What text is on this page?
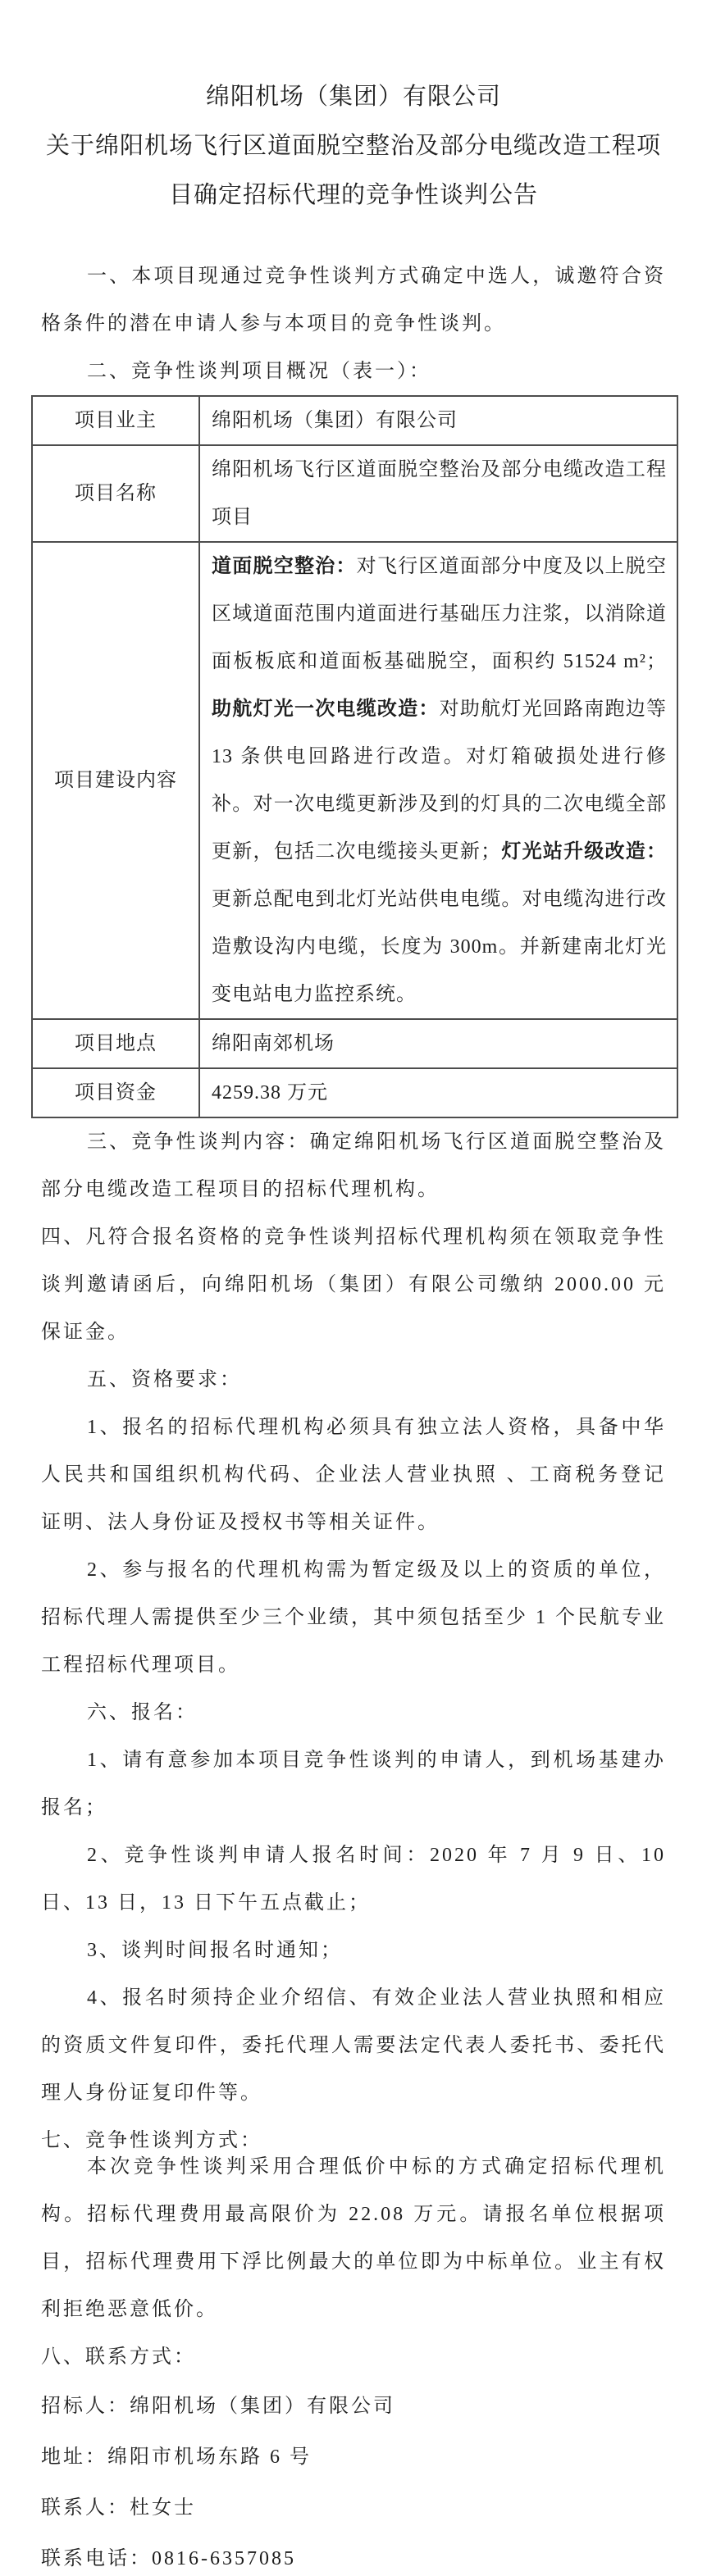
绵阳机场（集团）有限公司
关于绵阳机场飞行区道面脱空整治及部分电缆改造工程项目确定招标代理的竞争性谈判公告

一、本项目现通过竞争性谈判方式确定中选人，诚邀符合资格条件的潜在申请人参与本项目的竞争性谈判。

二、竞争性谈判项目概况（表一）：

项目业主	绵阳机场（集团）有限公司
项目名称	绵阳机场飞行区道面脱空整治及部分电缆改造工程项目
项目建设内容	道面脱空整治：对飞行区道面部分中度及以上脱空区域道面范围内道面进行基础压力注浆，以消除道面板板底和道面板基础脱空，面积约 51524 m²；助航灯光一次电缆改造：对助航灯光回路南跑边等 13 条供电回路进行改造。对灯箱破损处进行修补。对一次电缆更新涉及到的灯具的二次电缆全部更新，包括二次电缆接头更新；灯光站升级改造：更新总配电到北灯光站供电电缆。对电缆沟进行改造敷设沟内电缆，长度为 300m。并新建南北灯光变电站电力监控系统。
项目地点	绵阳南郊机场
项目资金	4259.38 万元

三、竞争性谈判内容：确定绵阳机场飞行区道面脱空整治及部分电缆改造工程项目的招标代理机构。

四、凡符合报名资格的竞争性谈判招标代理机构须在领取竞争性谈判邀请函后，向绵阳机场（集团）有限公司缴纳 2000.00 元保证金。

五、资格要求：

1、报名的招标代理机构必须具有独立法人资格，具备中华人民共和国组织机构代码、企业法人营业执照 、工商税务登记证明、法人身份证及授权书等相关证件。

2、参与报名的代理机构需为暂定级及以上的资质的单位，招标代理人需提供至少三个业绩，其中须包括至少 1 个民航专业工程招标代理项目。

六、报名：

1、请有意参加本项目竞争性谈判的申请人，到机场基建办报名；

2、竞争性谈判申请人报名时间：2020 年 7 月 9 日、10 日、13 日，13 日下午五点截止；

3、谈判时间报名时通知；

4、报名时须持企业介绍信、有效企业法人营业执照和相应的资质文件复印件，委托代理人需要法定代表人委托书、委托代理人身份证复印件等。

七、竞争性谈判方式：

本次竞争性谈判采用合理低价中标的方式确定招标代理机构。招标代理费用最高限价为 22.08 万元。请报名单位根据项目，招标代理费用下浮比例最大的单位即为中标单位。业主有权利拒绝恶意低价。

八、联系方式：

招标人：绵阳机场（集团）有限公司

地址：绵阳市机场东路 6 号

联系人：杜女士

联系电话：0816-6357085
